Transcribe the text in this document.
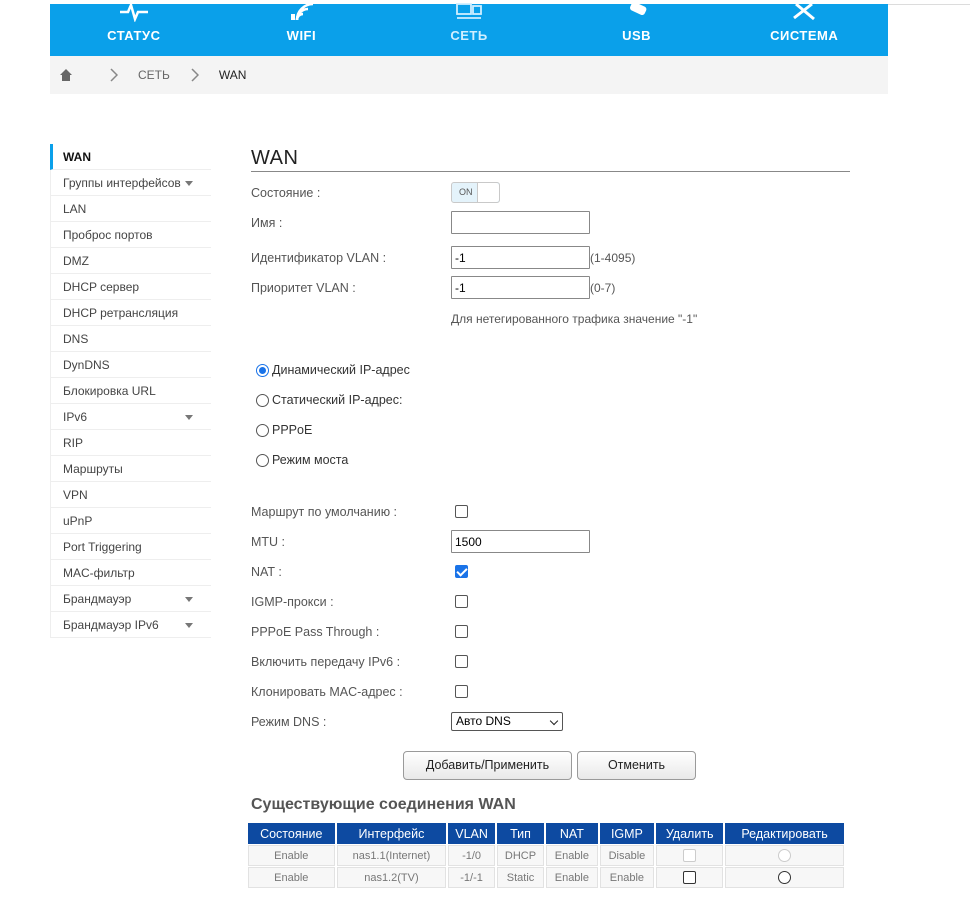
СТАТУС	WIFI	СЕТЬ	USB	СИСТЕМА
СЕТЬ	WAN
WAN
Группы интерфейсов
LAN
Проброс портов
DMZ
DHCP сервер
DHCP ретрансляция
DNS
DynDNS
Блокировка URL
IPv6
RIP
Маршруты
VPN
uPnP
Port Triggering
MAC-фильтр
Брандмауэр
Брандмауэр IPv6
WAN
Состояние :	ON
Имя :
Идентификатор VLAN :
-1	(1-4095)
Приоритет VLAN :
-1	(0-7)
Для нетегированного трафика значение "-1"
Динамический IP-адрес
Статический IP-адрес:
PPPoE
Режим моста
Маршрут по умолчанию :
MTU :
1500
NAT :
IGMP-прокси :
PPPoE Pass Through :
Включить передачу IPv6 :
Клонировать MAC-адрес :
Режим DNS :	Авто DNS
Добавить/Применить	Отменить
Существующие соединения WAN
Состояние	Интерфейс	VLAN	Тип	NAT	IGMP	Удалить	Редактировать
Enable	nas1.1(Internet)	-1/0	DHCP	Enable	Disable		
Enable	nas1.2(TV)	-1/-1	Static	Enable	Enable		
